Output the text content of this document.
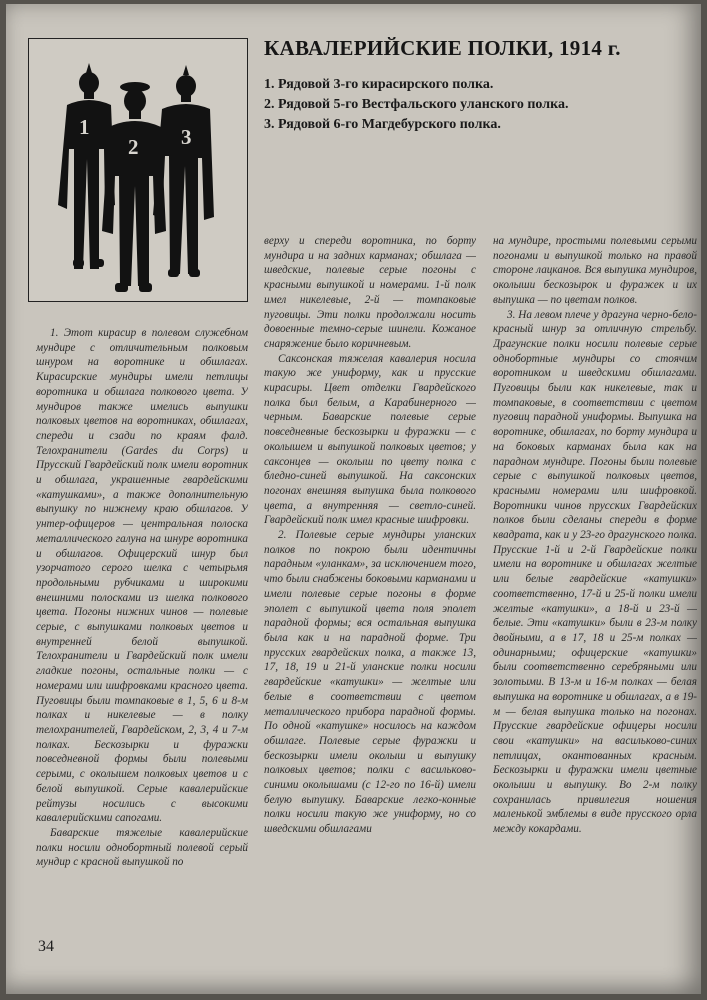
1
2 3
КАВАЛЕРИЙСКИЕ ПОЛКИ, 1914 г.
1. Рядовой 3-го кирасирского полка.
2. Рядовой 5-го Вестфальского уланского полка.
3. Рядовой 6-го Магдебурского полка.

1. Этот кирасир в полевом служебном мундире с отличительным полковым шнуром на воротнике и обшлагах. Кирасирские мундиры имели петлицы воротника и обшлага полкового цвета. У мундиров также имелись выпушки полковых цветов на воротниках, обшлагах, спереди и сзади по краям фалд. Телохранители (Gardes du Corps) и Прусский Гвардейский полк имели воротник и обшлага, украшенные гвардейскими «катушками», а также дополнительную выпушку по нижнему краю обшлагов. У унтер-офицеров — центральная полоска металлического галуна на шнуре воротника и обшлагов. Офицерский шнур был узорчатого серого шелка с четырьмя продольными рубчиками и широкими внешними полосками из шелка полкового цвета. Погоны нижних чинов — полевые серые, с выпушками полковых цветов и внутренней белой выпушкой. Телохранители и Гвардейский полк имели гладкие погоны, остальные полки — с номерами или шифровками красного цвета. Пуговицы были томпаковые в 1, 5, 6 и 8-м полках и никелевые — в полку телохранителей, Гвардейском, 2, 3, 4 и 7-м полках. Бескозырки и фуражки повседневной формы были полевыми серыми, с околышем полковых цветов и с белой выпушкой. Серые кавалерийские рейтузы носились с высокими кавалерийскими сапогами.

Баварские тяжелые кавалерийские полки носили однобортный полевой серый мундир с красной выпушкой по

верху и спереди воротника, по борту мундира и на задних карманах; обшлага — шведские, полевые серые погоны с красными выпушкой и номерами. 1-й полк имел никелевые, 2-й — томпаковые пуговицы. Эти полки продолжали носить довоенные темно-серые шинели. Кожаное снаряжение было коричневым.

Саксонская тяжелая кавалерия носила такую же униформу, как и прусские кирасиры. Цвет отделки Гвардейского полка был белым, а Карабинерного — черным. Баварские полевые серые повседневные бескозырки и фуражки — с околышем и выпушкой полковых цветов; у саксонцев — околыш по цвету полка с бледно-синей выпушкой. На саксонских погонах внешняя выпушка была полкового цвета, а внутренняя — светло-синей. Гвардейский полк имел красные шифровки.

2. Полевые серые мундиры уланских полков по покрою были идентичны парадным «уланкам», за исключением того, что были снабжены боковыми карманами и имели полевые серые погоны в форме эполет с выпушкой цвета поля эполет парадной формы; вся остальная выпушка была как и на парадной форме. Три прусских гвардейских полка, а также 13, 17, 18, 19 и 21-й уланские полки носили гвардейские «катушки» — желтые или белые в соответствии с цветом металлического прибора парадной формы. По одной «катушке» носилось на каждом обшлаге. Полевые серые фуражки и бескозырки имели околыш и выпушку полковых цветов; полки с васильково-синими околышами (с 12-го по 16-й) имели белую выпушку. Баварские легко-конные полки носили такую же униформу, но со шведскими обшлагами

на мундире, простыми полевыми серыми погонами и выпушкой только на правой стороне лацканов. Вся выпушка мундиров, околыши бескозырок и фуражек и их выпушка — по цветам полков.

3. На левом плече у драгуна черно-бело-красный шнур за отличную стрельбу. Драгунские полки носили полевые серые однобортные мундиры со стоячим воротником и шведскими обшлагами. Пуговицы были как никелевые, так и томпаковые, в соответствии с цветом пуговиц парадной униформы. Выпушка на воротнике, обшлагах, по борту мундира и на боковых карманах была как на парадном мундире. Погоны были полевые серые с выпушкой полковых цветов, красными номерами или шифровкой. Воротники чинов прусских Гвардейских полков были сделаны спереди в форме квадрата, как и у 23-го драгунского полка. Прусские 1-й и 2-й Гвардейские полки имели на воротнике и обшлагах желтые или белые гвардейские «катушки» соответственно, 17-й и 25-й полки имели желтые «катушки», а 18-й и 23-й — белые. Эти «катушки» были в 23-м полку двойными, а в 17, 18 и 25-м полках — одинарными; офицерские «катушки» были соответственно серебряными или золотыми. В 13-м и 16-м полках — белая выпушка на воротнике и обшлагах, а в 19-м — белая выпушка только на погонах. Прусские гвардейские офицеры носили свои «катушки» на васильково-синих петлицах, окантованных красным. Бескозырки и фуражки имели цветные околыши и выпушку. Во 2-м полку сохранилась привилегия ношения маленькой эмблемы в виде прусского орла между кокардами.

34
